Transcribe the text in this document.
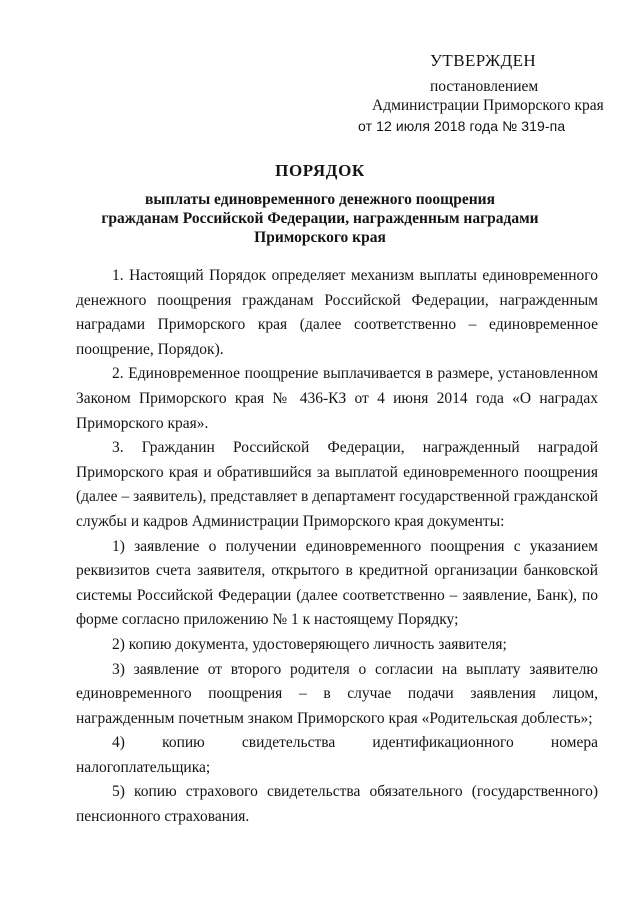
УТВЕРЖДЕН
постановлением
Администрации Приморского края
от 12 июля 2018 года № 319-па
ПОРЯДОК
выплаты единовременного денежного поощрения
гражданам Российской Федерации, награжденным наградами
Приморского края

1. Настоящий Порядок определяет механизм выплаты единовременного денежного поощрения гражданам Российской Федерации, награжденным наградами Приморского края (далее соответственно – единовременное поощрение, Порядок).

2. Единовременное поощрение выплачивается в размере, установленном Законом Приморского края № 436-КЗ от 4 июня 2014 года «О наградах Приморского края».

3. Гражданин Российской Федерации, награжденный наградой Приморского края и обратившийся за выплатой единовременного поощрения (далее – заявитель), представляет в департамент государственной гражданской службы и кадров Администрации Приморского края документы:

1) заявление о получении единовременного поощрения с указанием реквизитов счета заявителя, открытого в кредитной организации банковской системы Российской Федерации (далее соответственно – заявление, Банк), по форме согласно приложению № 1 к настоящему Порядку;

2) копию документа, удостоверяющего личность заявителя;

3) заявление от второго родителя о согласии на выплату заявителю единовременного поощрения – в случае подачи заявления лицом, награжденным почетным знаком Приморского края «Родительская доблесть»;

4) копию свидетельства идентификационного номера налогоплательщика;

5) копию страхового свидетельства обязательного (государственного) пенсионного страхования.
